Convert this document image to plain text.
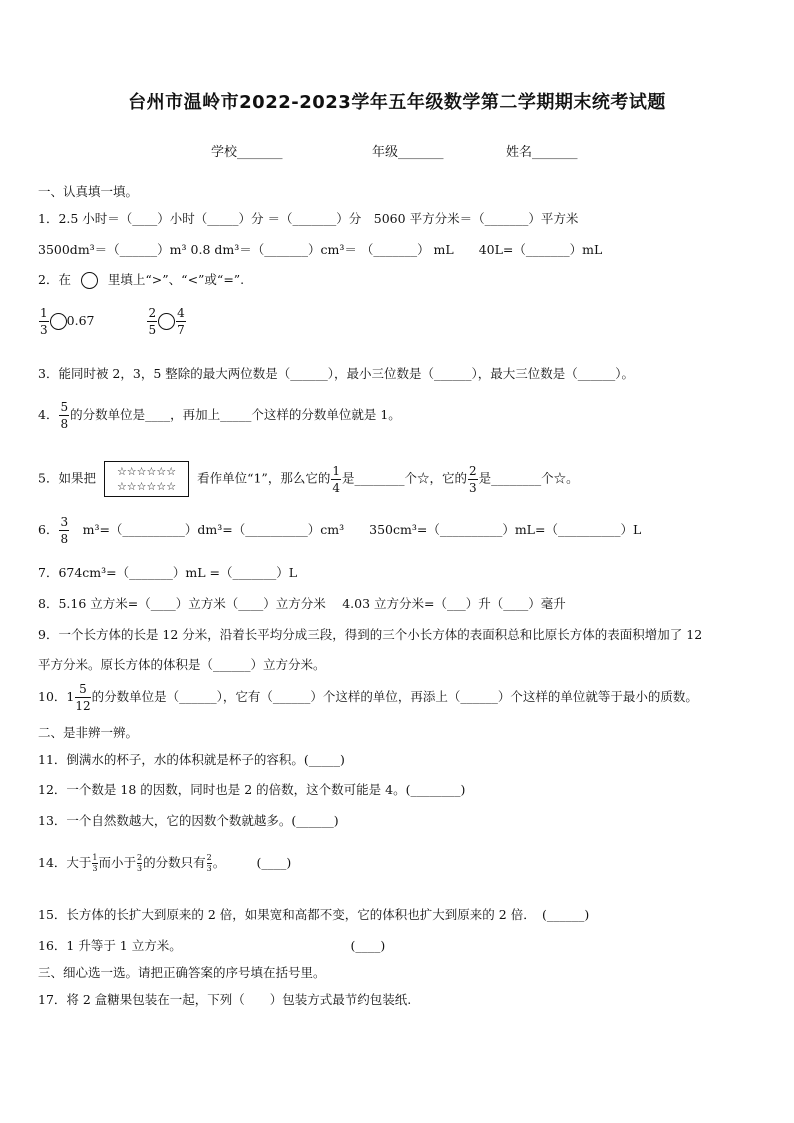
台州市温岭市2022-2023学年五年级数学第二学期期末统考试题
学校_______	年级_______	姓名_______
一、认真填一填。
1．2.5 小时＝（____）小时（_____）分 ＝（_______）分　5060 平方分米＝（_______）平方米
3500dm³＝（______）m³ 0.8 dm³＝（_______）cm³＝ （_______） mL　　40L=（_______）mL
2．在	里填上“>”、“<”或“=”.
$\frac{1}{3} 0.67$	$\frac{2}{5} \frac{4}{7}$
3．能同时被 2，3，5 整除的最大两位数是（______），最小三位数是（______），最大三位数是（______）。
4． $\frac{5}{8}$ 的分数单位是____，再加上_____个这样的分数单位就是 1。
5．如果把 ☆☆☆☆☆☆
☆☆☆☆☆☆ 看作单位“1”，那么它的 $\frac{1}{4}$ 是________个☆，它的 $\frac{2}{3}$ 是________个☆。
6． $\frac{3}{8}$ 　m³=（__________）dm³=（__________）cm³　　350cm³=（__________）mL=（__________）L
7．674cm³=（_______）mL =（_______）L
8．5.16 立方米=（____）立方米（____）立方分米　 4.03 立方分米=（___）升（____）毫升
9．一个长方体的长是 12 分米，沿着长平均分成三段，得到的三个小长方体的表面积总和比原长方体的表面积增加了 12
平方分米。原长方体的体积是（______）立方分米。
10．$1 \frac{5}{12}$ 的分数单位是（______），它有（______）个这样的单位，再添上（______）个这样的单位就等于最小的质数。
二、是非辨一辨。
11．倒满水的杯子，水的体积就是杯子的容积。(_____)
12．一个数是 18 的因数，同时也是 2 的倍数，这个数可能是 4。(________)
13．一个自然数越大，它的因数个数就越多。(______)
14．大于 $\frac{1}{3}$ 而小于 $\frac{2}{3}$ 的分数只有 $\frac{2}{3}$ 。　　　(____)
15．长方体的长扩大到原来的 2 倍，如果宽和高都不变，它的体积也扩大到原来的 2 倍．　(______)
16．1 升等于 1 立方米。　　　　　　　　　　　　　　(____)
三、细心选一选。请把正确答案的序号填在括号里。
17．将 2 盒糖果包装在一起，下列（　　）包装方式最节约包装纸.
